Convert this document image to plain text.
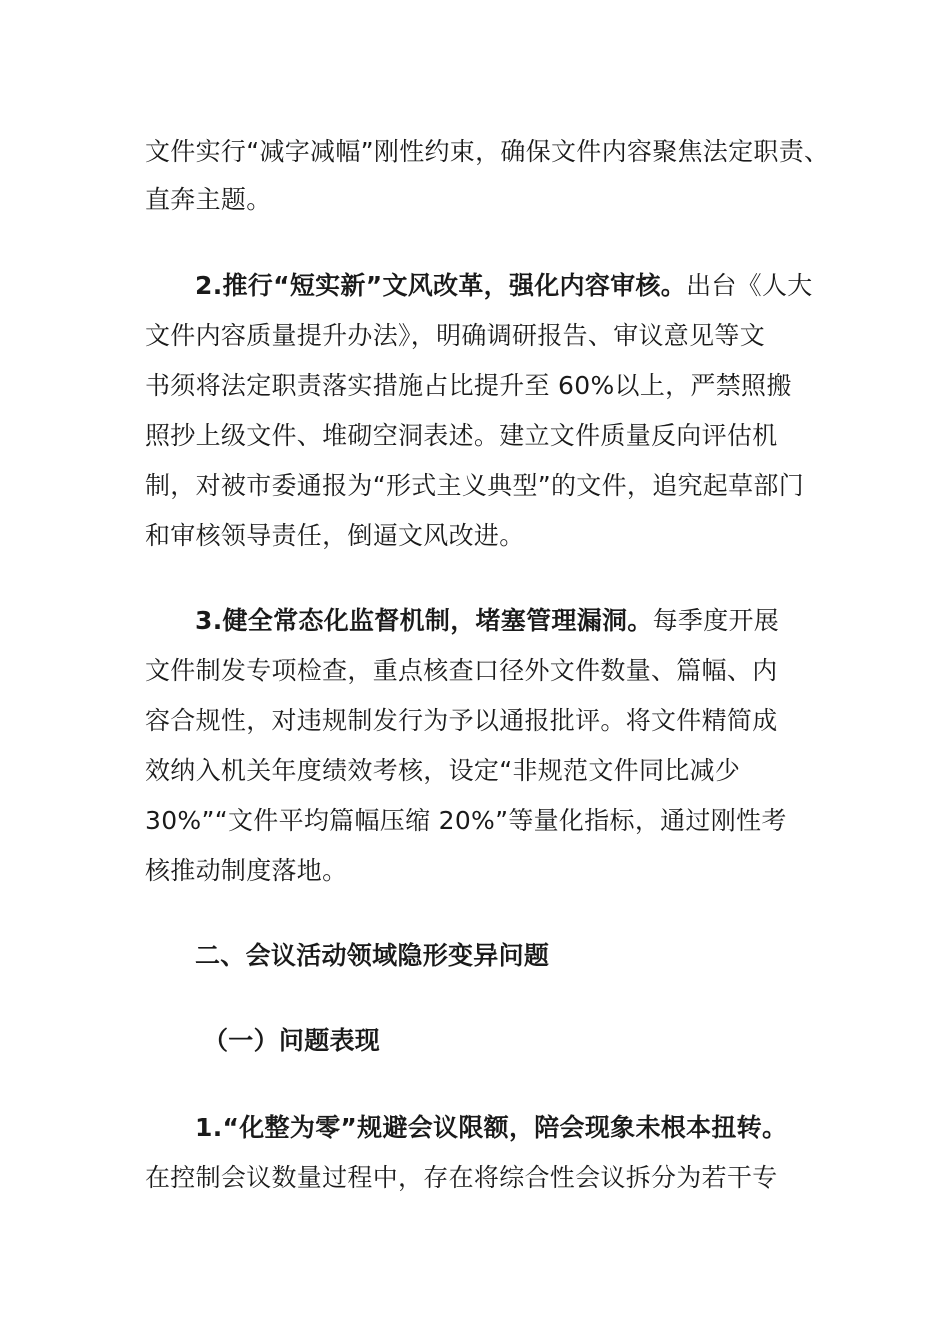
文件实行“减字减幅”刚性约束，确保文件内容聚焦法定职责、
直奔主题。
2.推行“短实新”文风改革，强化内容审核。出台《人大
文件内容质量提升办法》，明确调研报告、审议意见等文
书须将法定职责落实措施占比提升至 60%以上，严禁照搬
照抄上级文件、堆砌空洞表述。建立文件质量反向评估机
制，对被市委通报为“形式主义典型”的文件，追究起草部门
和审核领导责任，倒逼文风改进。
3.健全常态化监督机制，堵塞管理漏洞。每季度开展
文件制发专项检查，重点核查口径外文件数量、篇幅、内
容合规性，对违规制发行为予以通报批评。将文件精简成
效纳入机关年度绩效考核，设定“非规范文件同比减少
30%”“文件平均篇幅压缩 20%”等量化指标，通过刚性考
核推动制度落地。
二、会议活动领域隐形变异问题
（一）问题表现
1.“化整为零”规避会议限额，陪会现象未根本扭转。
在控制会议数量过程中，存在将综合性会议拆分为若干专
